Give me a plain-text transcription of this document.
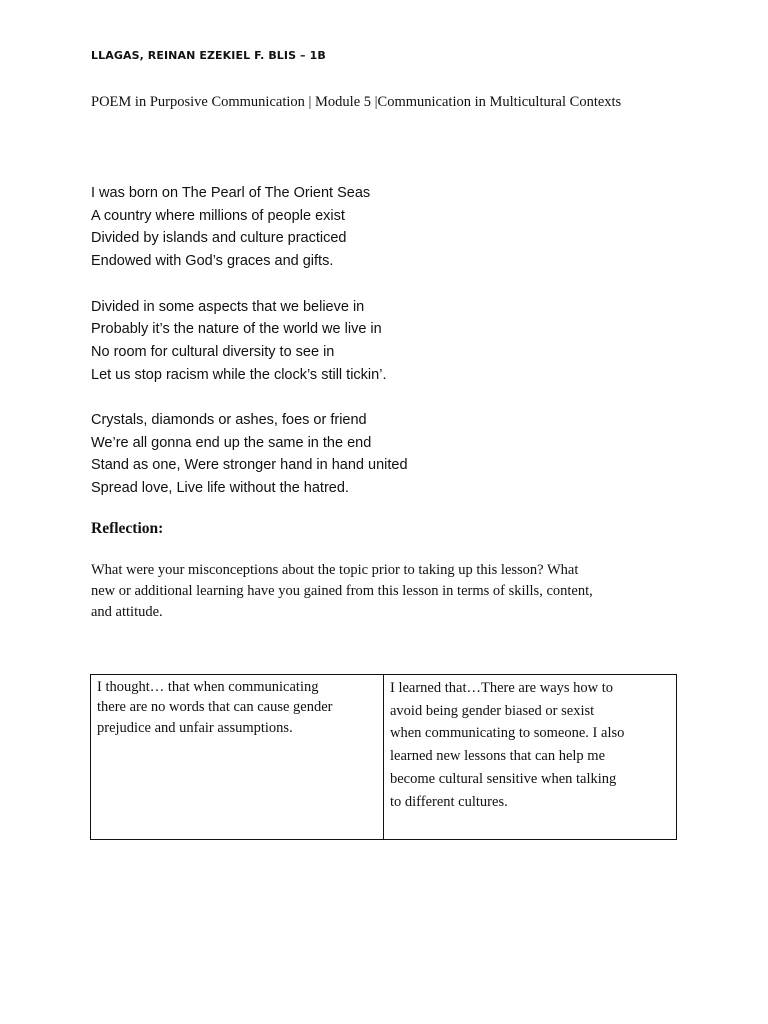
LLAGAS, REINAN EZEKIEL F. BLIS – 1B
POEM in Purposive Communication | Module 5 |Communication in Multicultural Contexts
I was born on The Pearl of The Orient Seas
A country where millions of people exist
Divided by islands and culture practiced
Endowed with God’s graces and gifts.
Divided in some aspects that we believe in
Probably it’s the nature of the world we live in
No room for cultural diversity to see in
Let us stop racism while the clock’s still tickin’.
Crystals, diamonds or ashes, foes or friend
We’re all gonna end up the same in the end
Stand as one, Were stronger hand in hand united
Spread love, Live life without the hatred.
Reflection:
What were your misconceptions about the topic prior to taking up this lesson? What
new or additional learning have you gained from this lesson in terms of skills, content,
and attitude.
I thought… that when communicating
there are no words that can cause gender
prejudice and unfair assumptions.

I learned that…There are ways how to
avoid being gender biased or sexist
when communicating to someone. I also
learned new lessons that can help me
become cultural sensitive when talking
to different cultures.
